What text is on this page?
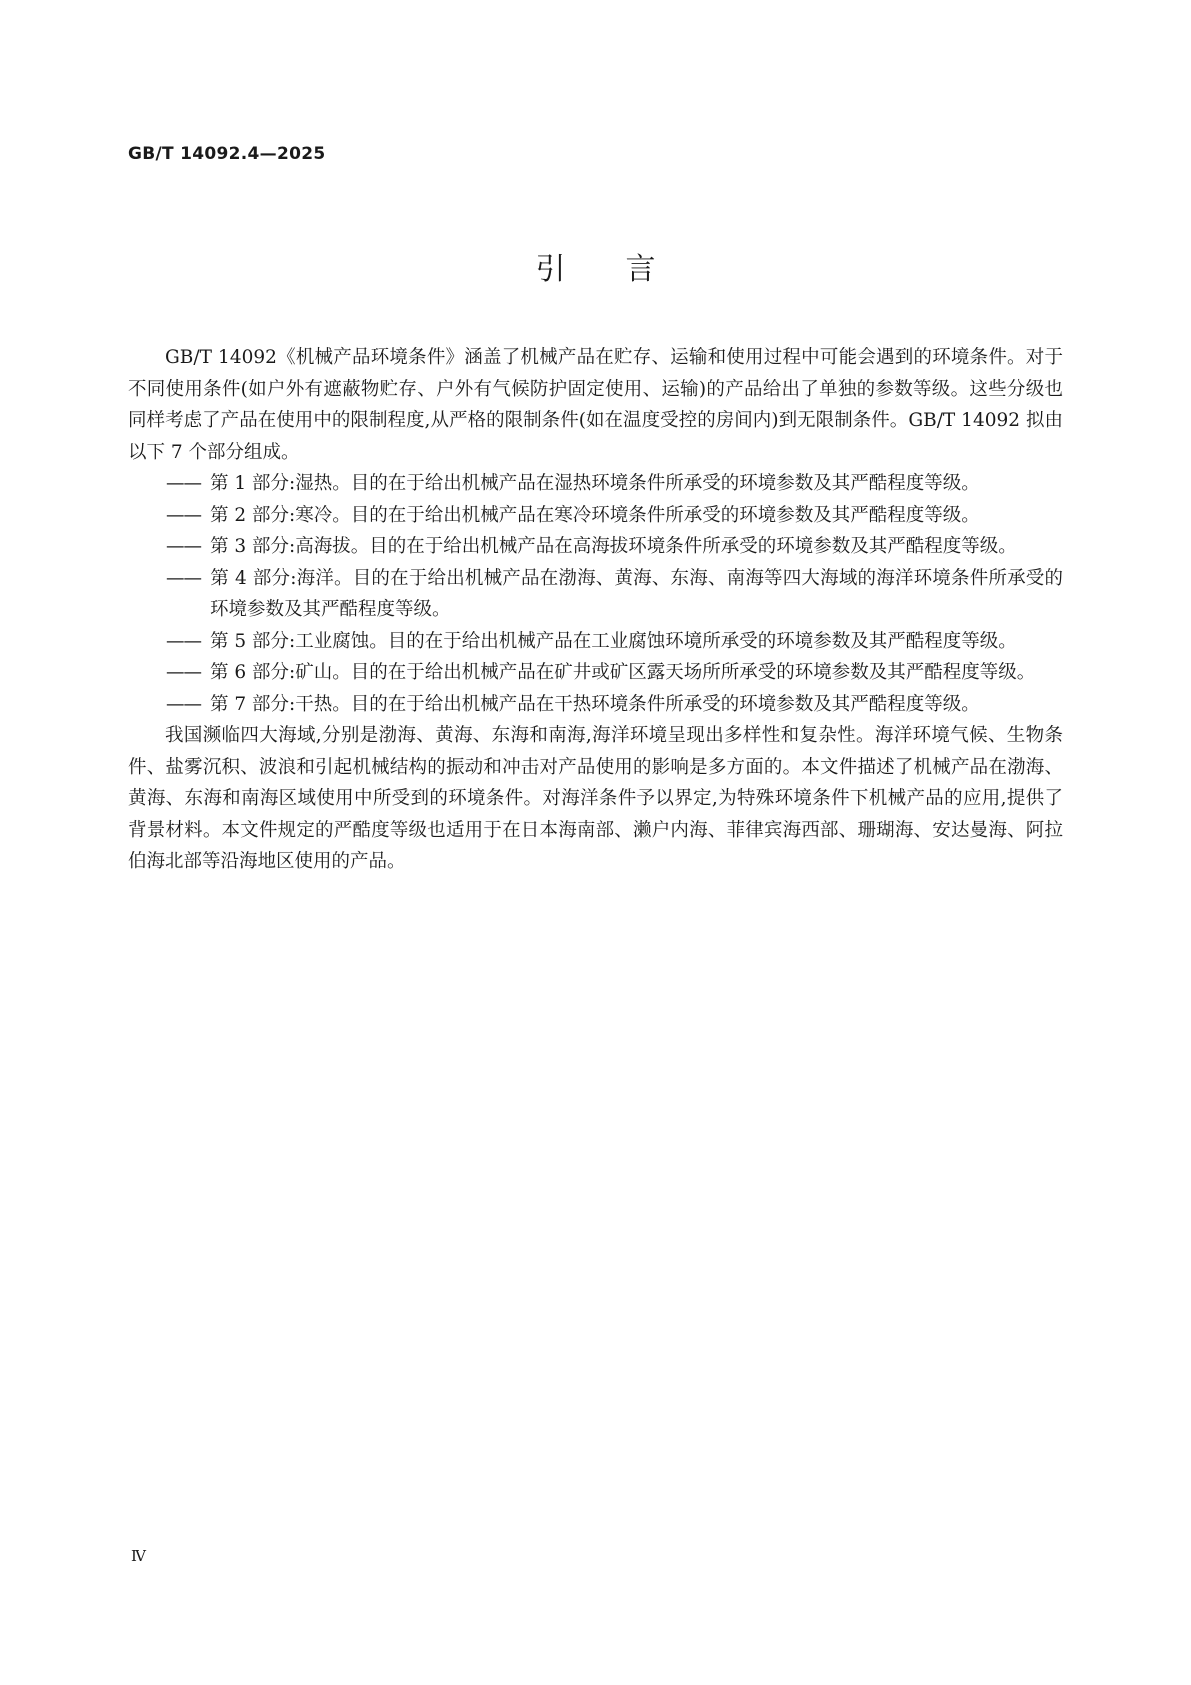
GB/T 14092.4—2025
引言

GB/T 14092《机械产品环境条件》涵盖了机械产品在贮存、运输和使用过程中可能会遇到的环境条件。对于不同使用条件(如户外有遮蔽物贮存、户外有气候防护固定使用、运输)的产品给出了单独的参数等级。这些分级也同样考虑了产品在使用中的限制程度,从严格的限制条件(如在温度受控的房间内)到无限制条件。GB/T 14092 拟由以下 7 个部分组成。

—— 第 1 部分:湿热。目的在于给出机械产品在湿热环境条件所承受的环境参数及其严酷程度等级。
—— 第 2 部分:寒冷。目的在于给出机械产品在寒冷环境条件所承受的环境参数及其严酷程度等级。
—— 第 3 部分:高海拔。目的在于给出机械产品在高海拔环境条件所承受的环境参数及其严酷程度等级。
—— 第 4 部分:海洋。目的在于给出机械产品在渤海、黄海、东海、南海等四大海域的海洋环境条件所承受的环境参数及其严酷程度等级。
—— 第 5 部分:工业腐蚀。目的在于给出机械产品在工业腐蚀环境所承受的环境参数及其严酷程度等级。
—— 第 6 部分:矿山。目的在于给出机械产品在矿井或矿区露天场所所承受的环境参数及其严酷程度等级。
—— 第 7 部分:干热。目的在于给出机械产品在干热环境条件所承受的环境参数及其严酷程度等级。

我国濒临四大海域,分别是渤海、黄海、东海和南海,海洋环境呈现出多样性和复杂性。海洋环境气候、生物条件、盐雾沉积、波浪和引起机械结构的振动和冲击对产品使用的影响是多方面的。本文件描述了机械产品在渤海、黄海、东海和南海区域使用中所受到的环境条件。对海洋条件予以界定,为特殊环境条件下机械产品的应用,提供了背景材料。本文件规定的严酷度等级也适用于在日本海南部、濑户内海、菲律宾海西部、珊瑚海、安达曼海、阿拉伯海北部等沿海地区使用的产品。

Ⅳ
